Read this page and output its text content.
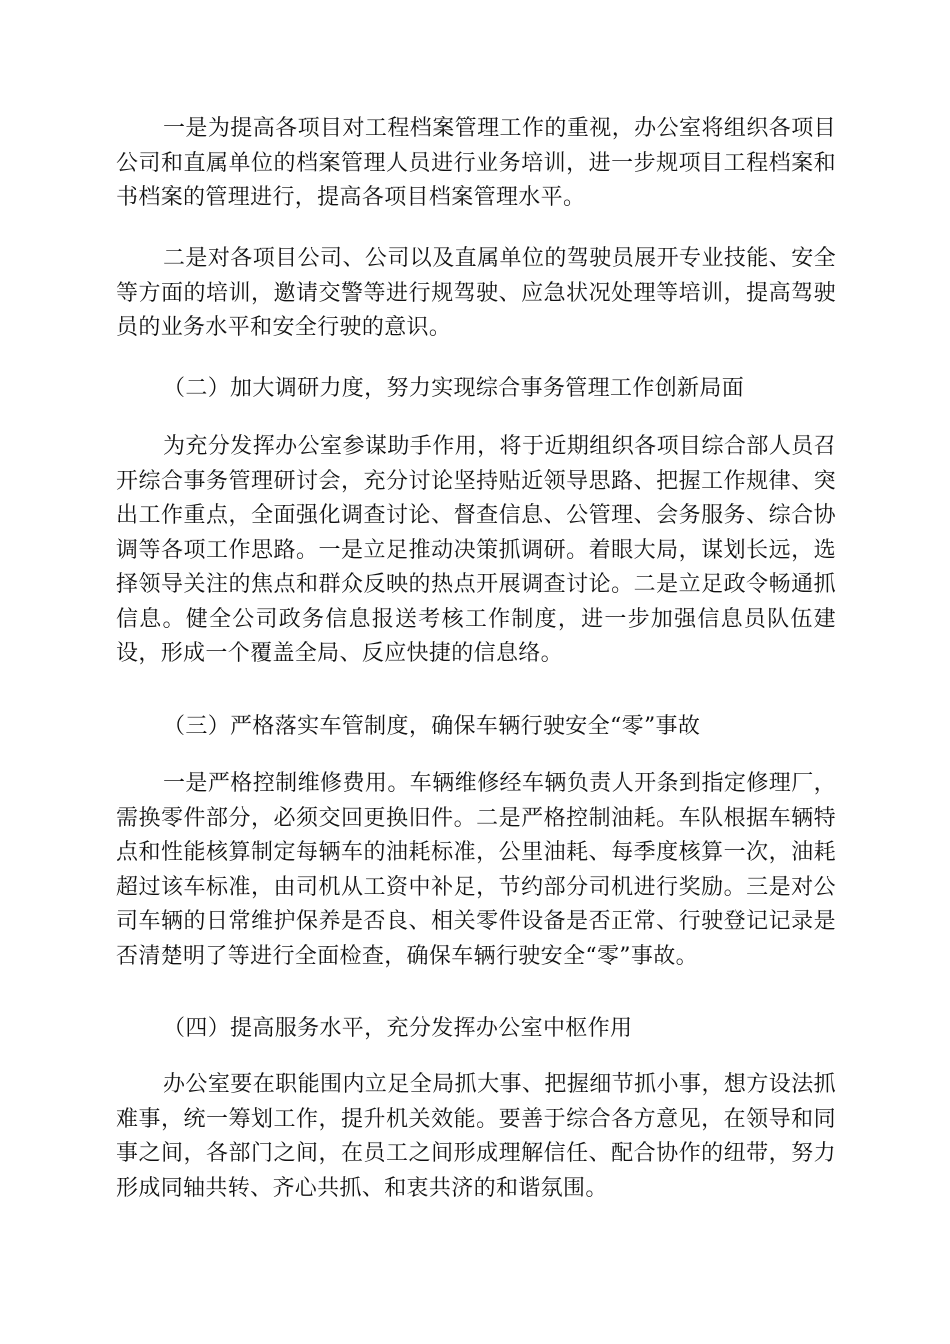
一是为提高各项目对工程档案管理工作的重视，办公室将组织各项目公司和直属单位的档案管理人员进行业务培训，进一步规项目工程档案和书档案的管理进行，提高各项目档案管理水平。

二是对各项目公司、公司以及直属单位的驾驶员展开专业技能、安全等方面的培训，邀请交警等进行规驾驶、应急状况处理等培训，提高驾驶员的业务水平和安全行驶的意识。

（二）加大调研力度，努力实现综合事务管理工作创新局面

为充分发挥办公室参谋助手作用，将于近期组织各项目综合部人员召开综合事务管理研讨会，充分讨论坚持贴近领导思路、把握工作规律、突出工作重点，全面强化调查讨论、督查信息、公管理、会务服务、综合协调等各项工作思路。一是立足推动决策抓调研。着眼大局，谋划长远，选择领导关注的焦点和群众反映的热点开展调查讨论。二是立足政令畅通抓信息。健全公司政务信息报送考核工作制度，进一步加强信息员队伍建设，形成一个覆盖全局、反应快捷的信息络。

（三）严格落实车管制度，确保车辆行驶安全“零”事故

一是严格控制维修费用。车辆维修经车辆负责人开条到指定修理厂，需换零件部分，必须交回更换旧件。二是严格控制油耗。车队根据车辆特点和性能核算制定每辆车的油耗标准，公里油耗、每季度核算一次，油耗超过该车标准，由司机从工资中补足，节约部分司机进行奖励。三是对公司车辆的日常维护保养是否良、相关零件设备是否正常、行驶登记记录是否清楚明了等进行全面检查，确保车辆行驶安全“零”事故。

（四）提高服务水平，充分发挥办公室中枢作用

办公室要在职能围内立足全局抓大事、把握细节抓小事，想方设法抓难事，统一筹划工作，提升机关效能。要善于综合各方意见，在领导和同事之间，各部门之间，在员工之间形成理解信任、配合协作的纽带，努力形成同轴共转、齐心共抓、和衷共济的和谐氛围。
